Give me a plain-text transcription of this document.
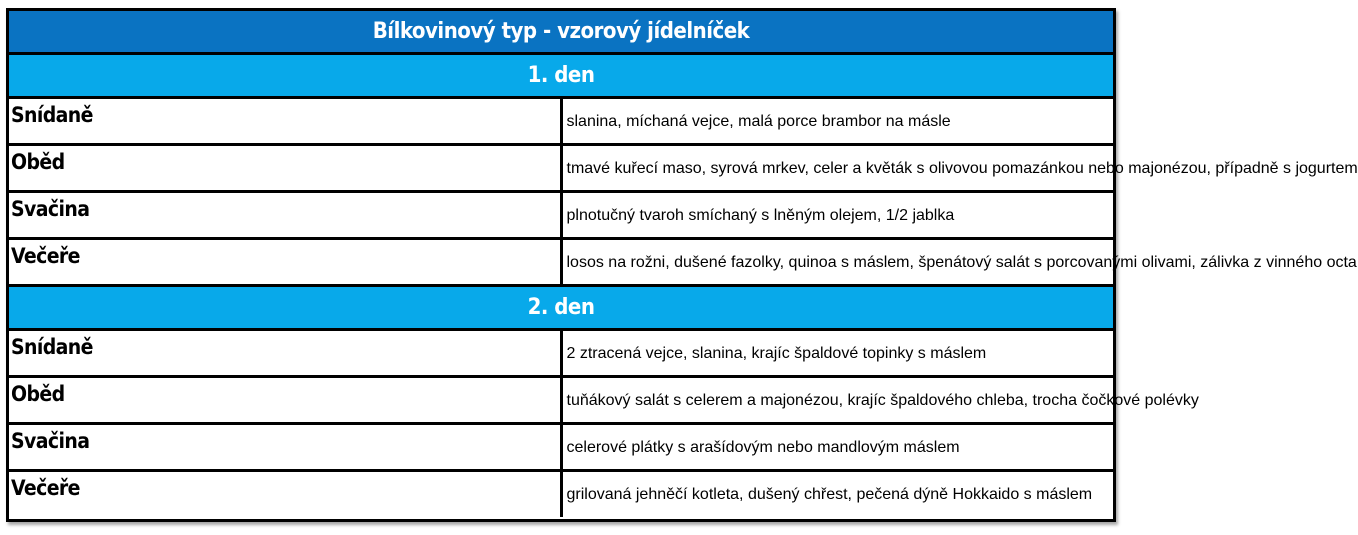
Bílkovinový typ - vzorový jídelníček	
1. den	
Snídaně	slanina, míchaná vejce, malá porce brambor na másle
Oběd	tmavé kuřecí maso, syrová mrkev, celer a květák s olivovou pomazánkou nebo majonézou, případně s jogurtem
Svačina	plnotučný tvaroh smíchaný s lněným olejem, 1/2 jablka
Večeře	losos na rožni, dušené fazolky, quinoa s máslem, špenátový salát s porcovanými olivami, zálivka z vinného octa
2. den	
Snídaně	2 ztracená vejce, slanina, krajíc špaldové topinky s máslem
Oběd	tuňákový salát s celerem a majonézou, krajíc špaldového chleba, trocha čočkové polévky
Svačina	celerové plátky s arašídovým nebo mandlovým máslem
Večeře	grilovaná jehněčí kotleta, dušený chřest, pečená dýně Hokkaido s máslem
